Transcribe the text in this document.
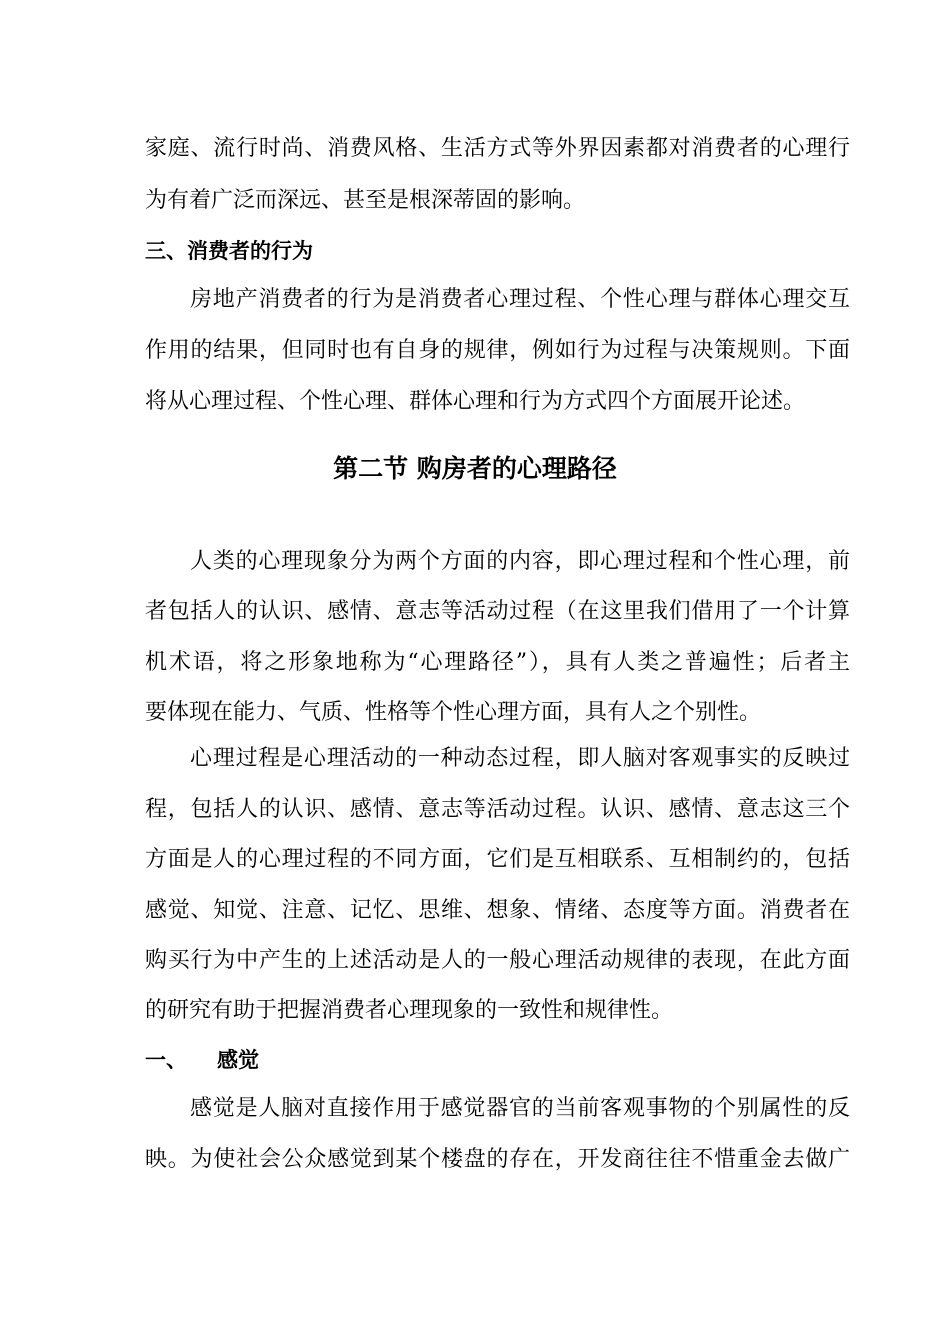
家庭、流行时尚、消费风格、生活方式等外界因素都对消费者的心理行
为有着广泛而深远、甚至是根深蒂固的影响。
三、消费者的行为
房地产消费者的行为是消费者心理过程、个性心理与群体心理交互
作用的结果，但同时也有自身的规律，例如行为过程与决策规则。下面
将从心理过程、个性心理、群体心理和行为方式四个方面展开论述。
第二节 购房者的心理路径
人类的心理现象分为两个方面的内容，即心理过程和个性心理，前
者包括人的认识、感情、意志等活动过程（在这里我们借用了一个计算
机术语，将之形象地称为“心理路径”），具有人类之普遍性；后者主
要体现在能力、气质、性格等个性心理方面，具有人之个别性。
心理过程是心理活动的一种动态过程，即人脑对客观事实的反映过
程，包括人的认识、感情、意志等活动过程。认识、感情、意志这三个
方面是人的心理过程的不同方面，它们是互相联系、互相制约的，包括
感觉、知觉、注意、记忆、思维、想象、情绪、态度等方面。消费者在
购买行为中产生的上述活动是人的一般心理活动规律的表现，在此方面
的研究有助于把握消费者心理现象的一致性和规律性。
一、 感觉
感觉是人脑对直接作用于感觉器官的当前客观事物的个别属性的反
映。为使社会公众感觉到某个楼盘的存在，开发商往往不惜重金去做广
